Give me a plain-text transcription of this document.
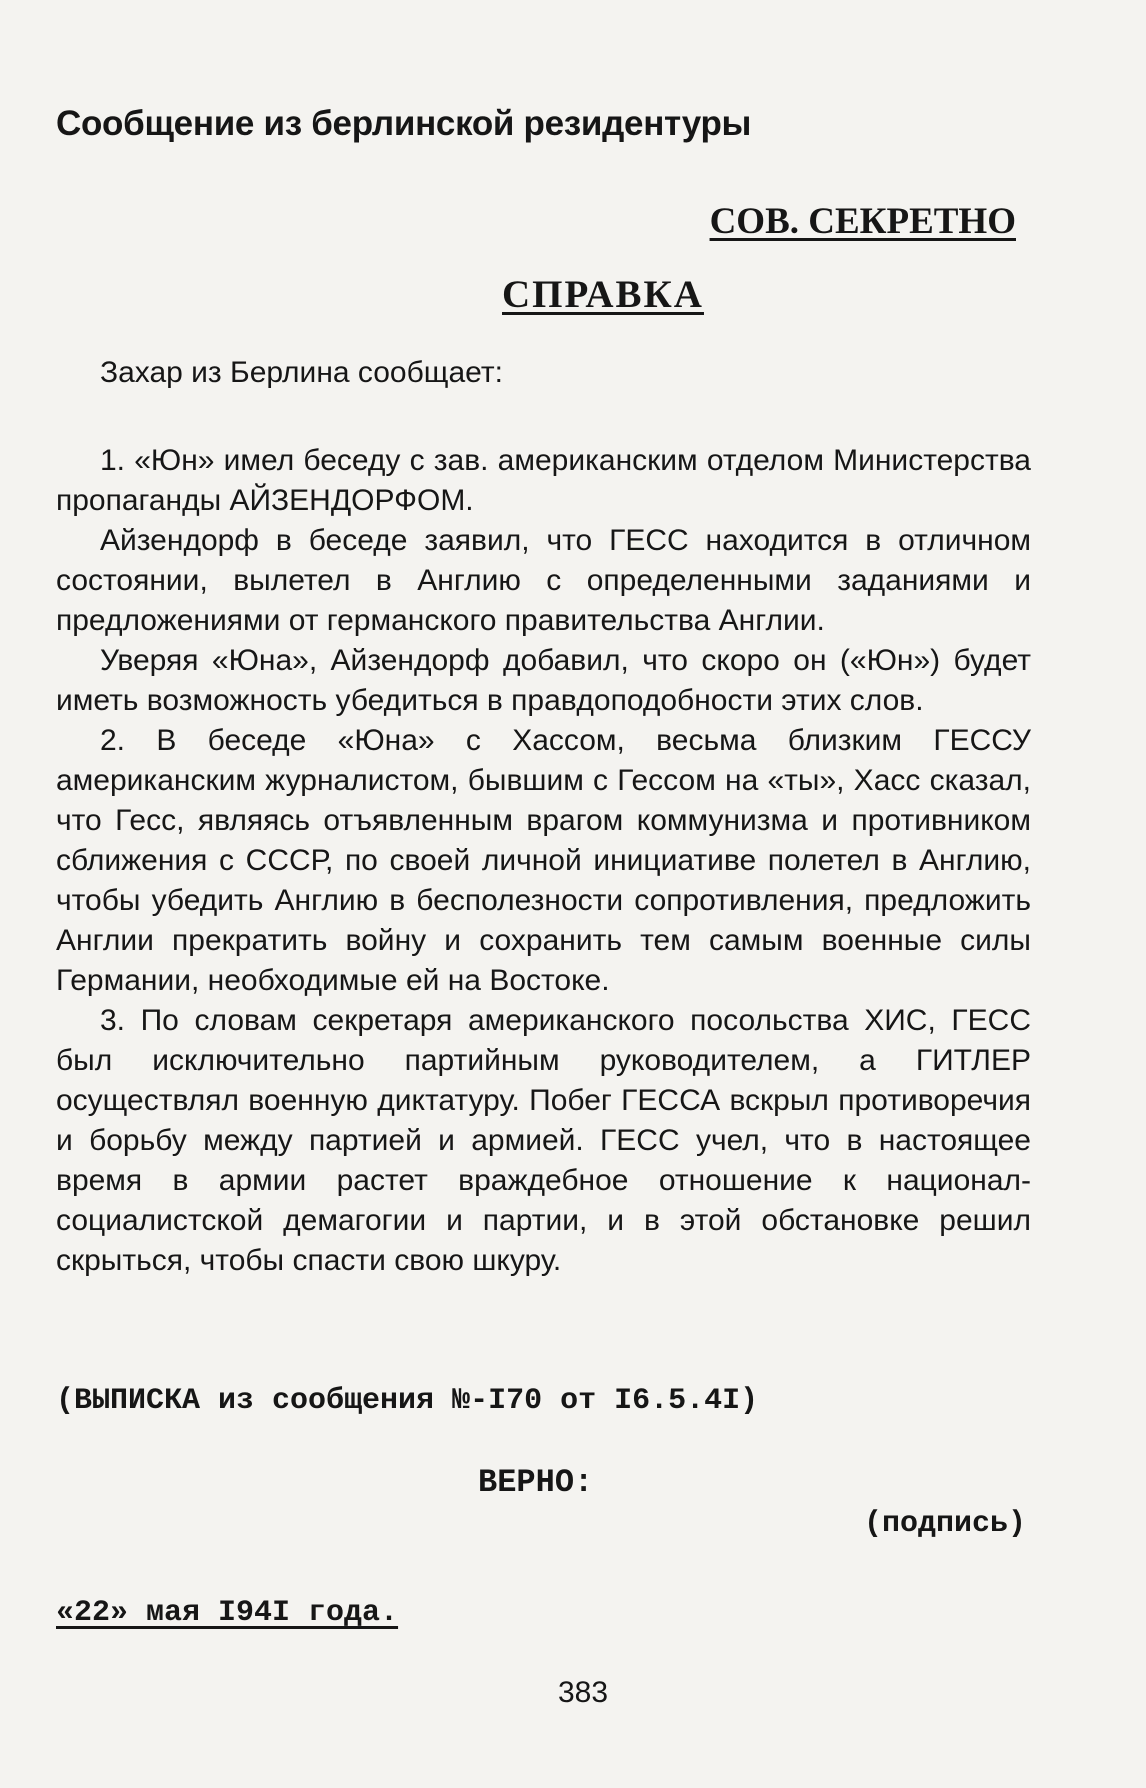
Сообщение из берлинской резидентуры
СОВ. СЕКРЕТНО
СПРАВКА
Захар из Берлина сообщает:

1. «Юн» имел беседу с зав. американским отделом Министерства пропаганды АЙЗЕНДОРФОМ.

Айзендорф в беседе заявил, что ГЕСС находится в отличном состоянии, вылетел в Англию с определенными заданиями и предложениями от германского правительства Англии.

Уверяя «Юна», Айзендорф добавил, что скоро он («Юн») будет иметь возможность убедиться в правдоподобности этих слов.

2. В беседе «Юна» с Хассом, весьма близким ГЕССУ американским журналистом, бывшим с Гессом на «ты», Хасс сказал, что Гесс, являясь отъявленным врагом коммунизма и противником сближения с СССР, по своей личной инициативе полетел в Англию, чтобы убедить Англию в бесполезности сопротивления, предложить Англии прекратить войну и сохранить тем самым военные силы Германии, необходимые ей на Востоке.

3. По словам секретаря американского посольства ХИС, ГЕСС был исключительно партийным руководителем, а ГИТЛЕР осуществлял военную диктатуру. Побег ГЕССА вскрыл противоречия и борьбу между партией и армией. ГЕСС учел, что в настоящее время в армии растет враждебное отношение к национал-социалистской демагогии и партии, и в этой обстановке решил скрыться, чтобы спасти свою шкуру.

(ВЫПИСКА из сообщения №-I70 от I6.5.4I)
ВЕРНО:
(подпись)
«22» мая I94I года.
383
